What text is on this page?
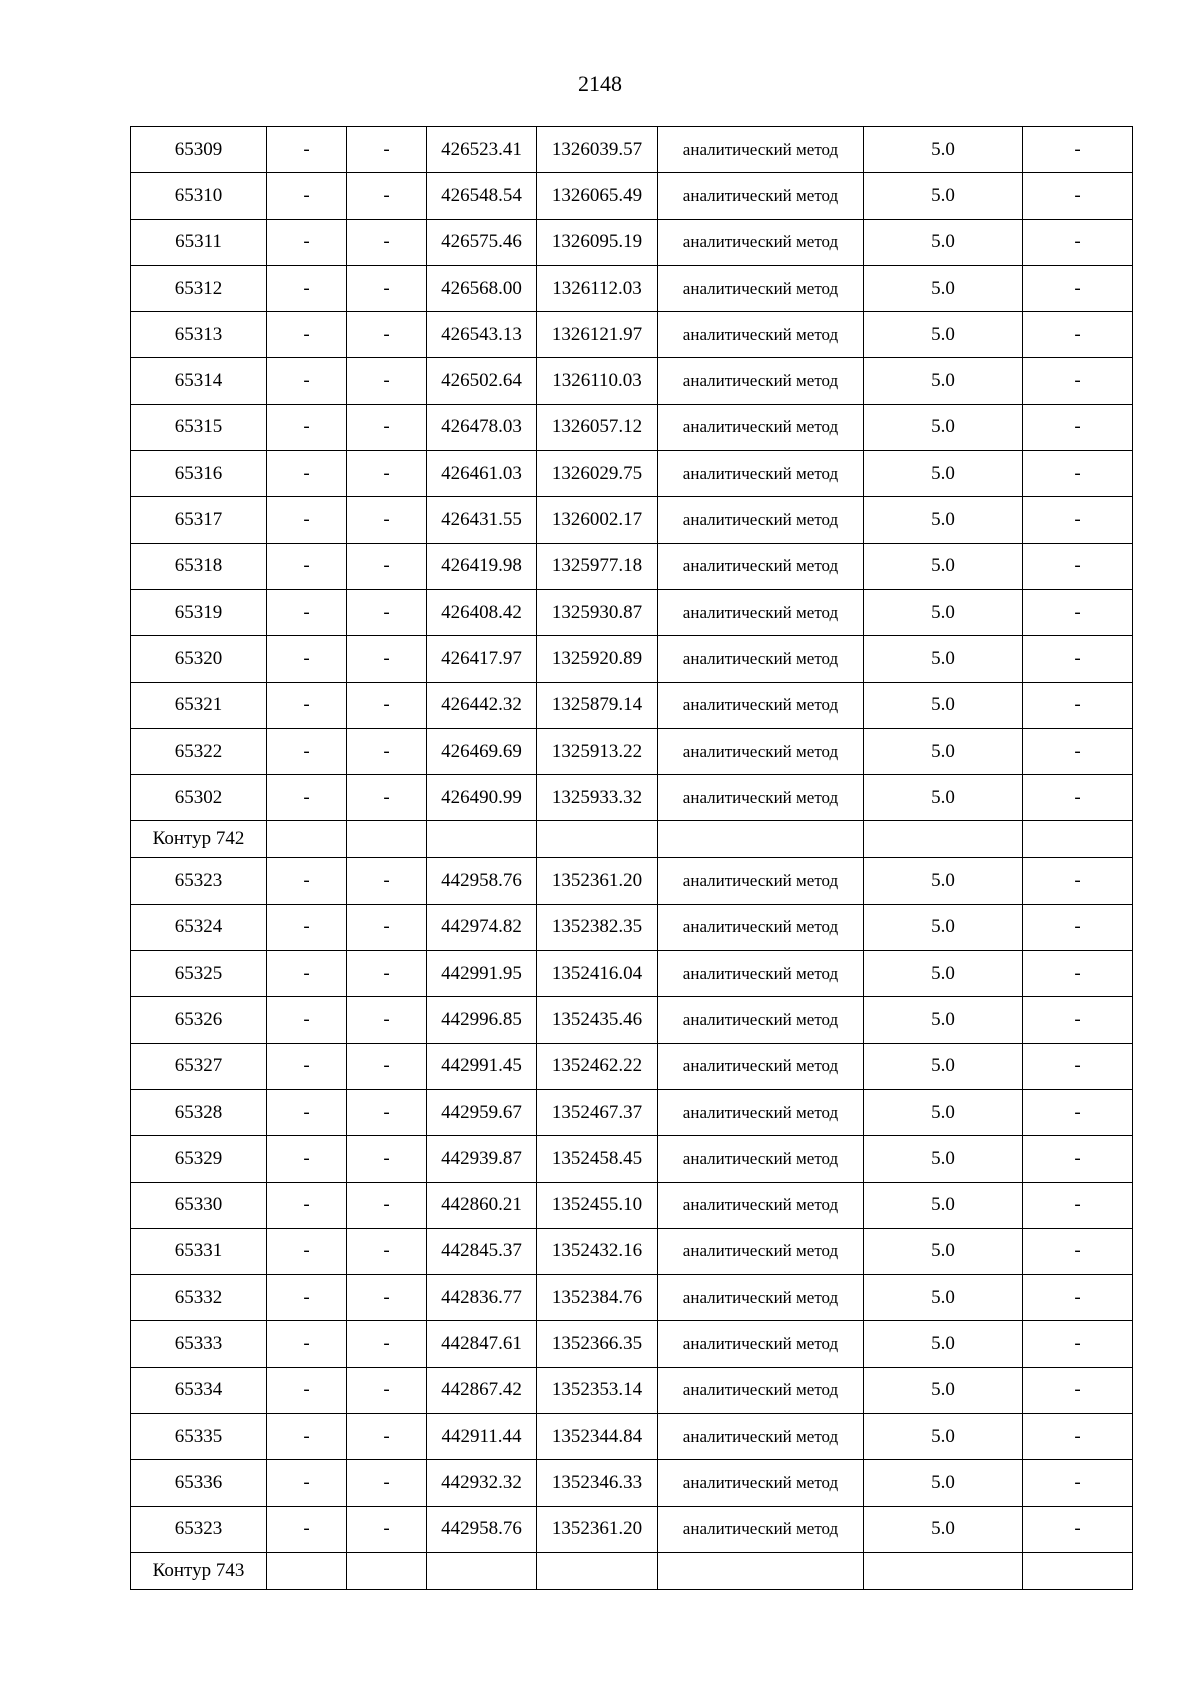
2148
65309	-	-	426523.41	1326039.57	аналитический метод	5.0	-
65310	-	-	426548.54	1326065.49	аналитический метод	5.0	-
65311	-	-	426575.46	1326095.19	аналитический метод	5.0	-
65312	-	-	426568.00	1326112.03	аналитический метод	5.0	-
65313	-	-	426543.13	1326121.97	аналитический метод	5.0	-
65314	-	-	426502.64	1326110.03	аналитический метод	5.0	-
65315	-	-	426478.03	1326057.12	аналитический метод	5.0	-
65316	-	-	426461.03	1326029.75	аналитический метод	5.0	-
65317	-	-	426431.55	1326002.17	аналитический метод	5.0	-
65318	-	-	426419.98	1325977.18	аналитический метод	5.0	-
65319	-	-	426408.42	1325930.87	аналитический метод	5.0	-
65320	-	-	426417.97	1325920.89	аналитический метод	5.0	-
65321	-	-	426442.32	1325879.14	аналитический метод	5.0	-
65322	-	-	426469.69	1325913.22	аналитический метод	5.0	-
65302	-	-	426490.99	1325933.32	аналитический метод	5.0	-
Контур 742							
65323	-	-	442958.76	1352361.20	аналитический метод	5.0	-
65324	-	-	442974.82	1352382.35	аналитический метод	5.0	-
65325	-	-	442991.95	1352416.04	аналитический метод	5.0	-
65326	-	-	442996.85	1352435.46	аналитический метод	5.0	-
65327	-	-	442991.45	1352462.22	аналитический метод	5.0	-
65328	-	-	442959.67	1352467.37	аналитический метод	5.0	-
65329	-	-	442939.87	1352458.45	аналитический метод	5.0	-
65330	-	-	442860.21	1352455.10	аналитический метод	5.0	-
65331	-	-	442845.37	1352432.16	аналитический метод	5.0	-
65332	-	-	442836.77	1352384.76	аналитический метод	5.0	-
65333	-	-	442847.61	1352366.35	аналитический метод	5.0	-
65334	-	-	442867.42	1352353.14	аналитический метод	5.0	-
65335	-	-	442911.44	1352344.84	аналитический метод	5.0	-
65336	-	-	442932.32	1352346.33	аналитический метод	5.0	-
65323	-	-	442958.76	1352361.20	аналитический метод	5.0	-
Контур 743							
